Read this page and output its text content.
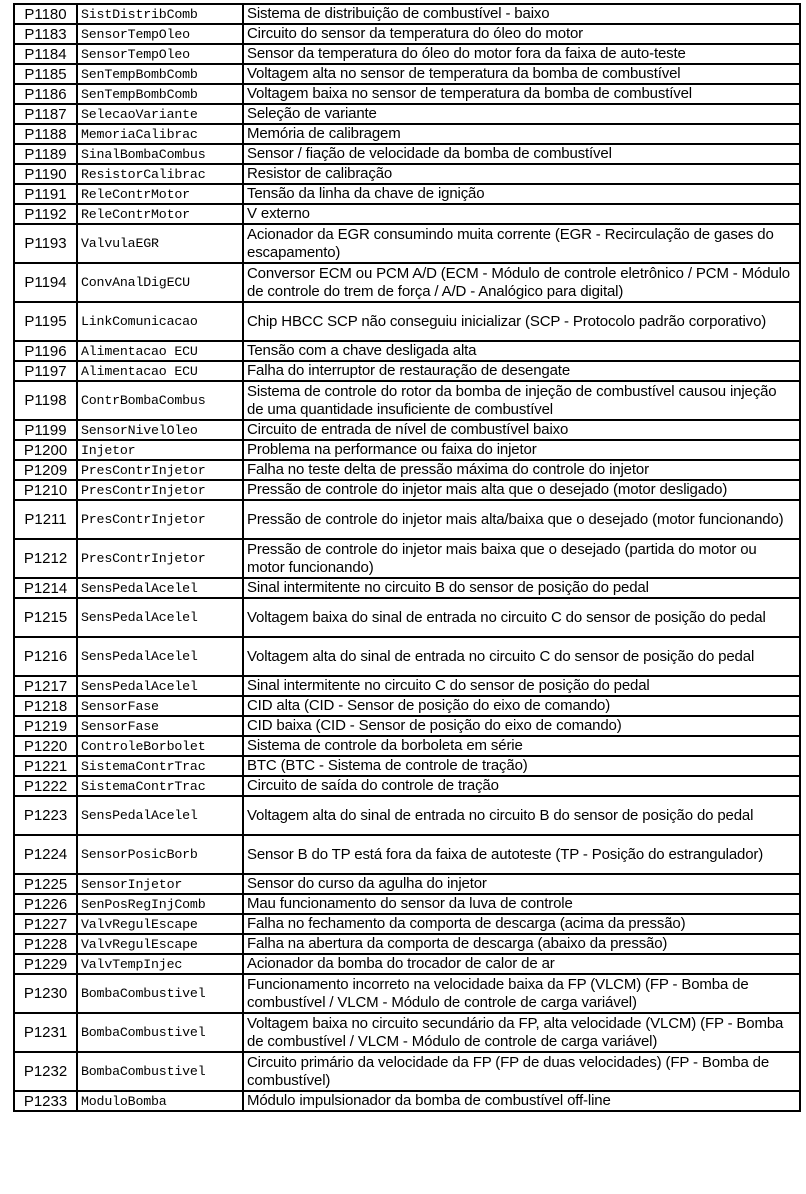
P1180	SistDistribComb	Sistema de distribuição de combustível - baixo
P1183	SensorTempOleo	Circuito do sensor da temperatura do óleo do motor
P1184	SensorTempOleo	Sensor da temperatura do óleo do motor fora da faixa de auto-teste
P1185	SenTempBombComb	Voltagem alta no sensor de temperatura da bomba de combustível
P1186	SenTempBombComb	Voltagem baixa no sensor de temperatura da bomba de combustível
P1187	SelecaoVariante	Seleção de variante
P1188	MemoriaCalibrac	Memória de calibragem
P1189	SinalBombaCombus	Sensor / fiação de velocidade da bomba de combustível
P1190	ResistorCalibrac	Resistor de calibração
P1191	ReleContrMotor	Tensão da linha da chave de ignição
P1192	ReleContrMotor	V externo
P1193	ValvulaEGR	Acionador da EGR consumindo muita corrente (EGR - Recirculação de gases do escapamento)
P1194	ConvAnalDigECU	Conversor ECM ou PCM A/D (ECM - Módulo de controle eletrônico / PCM - Módulo de controle do trem de força / A/D - Analógico para digital)
P1195	LinkComunicacao	Chip HBCC SCP não conseguiu inicializar (SCP - Protocolo padrão corporativo)
P1196	Alimentacao ECU	Tensão com a chave desligada alta
P1197	Alimentacao ECU	Falha do interruptor de restauração de desengate
P1198	ContrBombaCombus	Sistema de controle do rotor da bomba de injeção de combustível causou injeção de uma quantidade insuficiente de combustível
P1199	SensorNivelOleo	Circuito de entrada de nível de combustível baixo
P1200	Injetor	Problema na performance ou faixa do injetor
P1209	PresContrInjetor	Falha no teste delta de pressão máxima do controle do injetor
P1210	PresContrInjetor	Pressão de controle do injetor mais alta que o desejado (motor desligado)
P1211	PresContrInjetor	Pressão de controle do injetor mais alta/baixa que o desejado (motor funcionando)
P1212	PresContrInjetor	Pressão de controle do injetor mais baixa que o desejado (partida do motor ou motor funcionando)
P1214	SensPedalAcelel	Sinal intermitente no circuito B do sensor de posição do pedal
P1215	SensPedalAcelel	Voltagem baixa do sinal de entrada no circuito C do sensor de posição do pedal
P1216	SensPedalAcelel	Voltagem alta do sinal de entrada no circuito C do sensor de posição do pedal
P1217	SensPedalAcelel	Sinal intermitente no circuito C do sensor de posição do pedal
P1218	SensorFase	CID alta (CID - Sensor de posição do eixo de comando)
P1219	SensorFase	CID baixa (CID - Sensor de posição do eixo de comando)
P1220	ControleBorbolet	Sistema de controle da borboleta em série
P1221	SistemaContrTrac	BTC (BTC - Sistema de controle de tração)
P1222	SistemaContrTrac	Circuito de saída do controle de tração
P1223	SensPedalAcelel	Voltagem alta do sinal de entrada no circuito B do sensor de posição do pedal
P1224	SensorPosicBorb	Sensor B do TP está fora da faixa de autoteste (TP - Posição do estrangulador)
P1225	SensorInjetor	Sensor do curso da agulha do injetor
P1226	SenPosRegInjComb	Mau funcionamento do sensor da luva de controle
P1227	ValvRegulEscape	Falha no fechamento da comporta de descarga (acima da pressão)
P1228	ValvRegulEscape	Falha na abertura da comporta de descarga (abaixo da pressão)
P1229	ValvTempInjec	Acionador da bomba do trocador de calor de ar
P1230	BombaCombustivel	Funcionamento incorreto na velocidade baixa da FP (VLCM) (FP - Bomba de combustível / VLCM - Módulo de controle de carga variável)
P1231	BombaCombustivel	Voltagem baixa no circuito secundário da FP, alta velocidade (VLCM) (FP - Bomba de combustível / VLCM - Módulo de controle de carga variável)
P1232	BombaCombustivel	Circuito primário da velocidade da FP (FP de duas velocidades) (FP - Bomba de combustível)
P1233	ModuloBomba	Módulo impulsionador da bomba de combustível off-line
